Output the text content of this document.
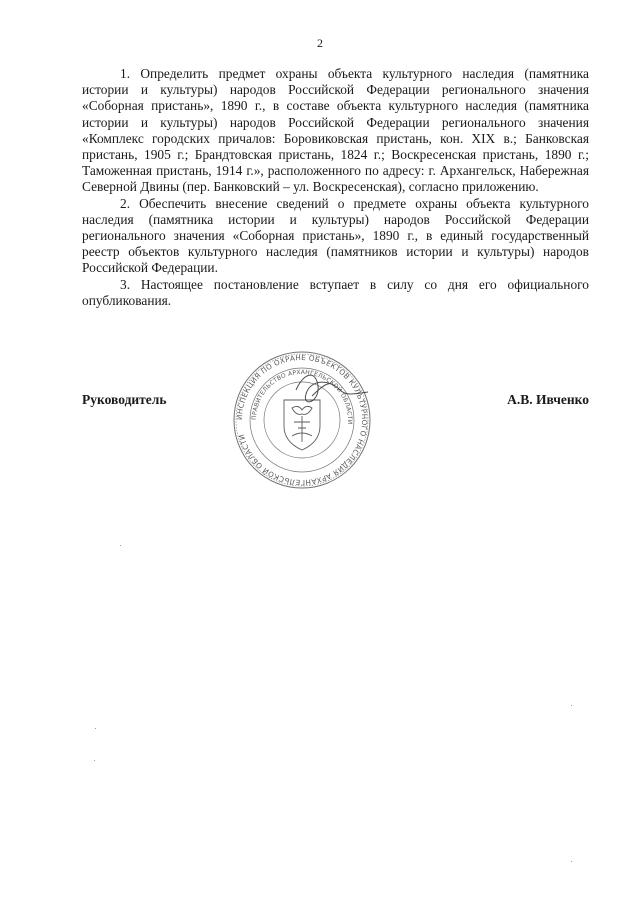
2

1. Определить предмет охраны объекта культурного наследия (памятника истории и культуры) народов Российской Федерации регионального значения «Соборная пристань», 1890 г., в составе объекта культурного наследия (памятника истории и культуры) народов Российской Федерации регионального значения «Комплекс городских причалов: Боровиковская пристань, кон. XIX в.; Банковская пристань, 1905 г.; Брандтовская пристань, 1824 г.; Воскресенская пристань, 1890 г.; Таможенная пристань, 1914 г.», расположенного по адресу: г. Архангельск, Набережная Северной Двины (пер. Банковский – ул. Воскресенская), согласно приложению.

2. Обеспечить внесение сведений о предмете охраны объекта культурного наследия (памятника истории и культуры) народов Российской Федерации регионального значения «Соборная пристань», 1890 г., в единый государственный реестр объектов культурного наследия (памятников истории и культуры) народов Российской Федерации.

3. Настоящее постановление вступает в силу со дня его официального опубликования.

ИНСПЕКЦИЯ ПО ОХРАНЕ ОБЪЕКТОВ КУЛЬТУРНОГО НАСЛЕДИЯ АРХАНГЕЛЬСКОЙ ОБЛАСТИ
ПРАВИТЕЛЬСТВО АРХАНГЕЛЬСКОЙ ОБЛАСТИ
Руководитель	А.В. Ивченко
